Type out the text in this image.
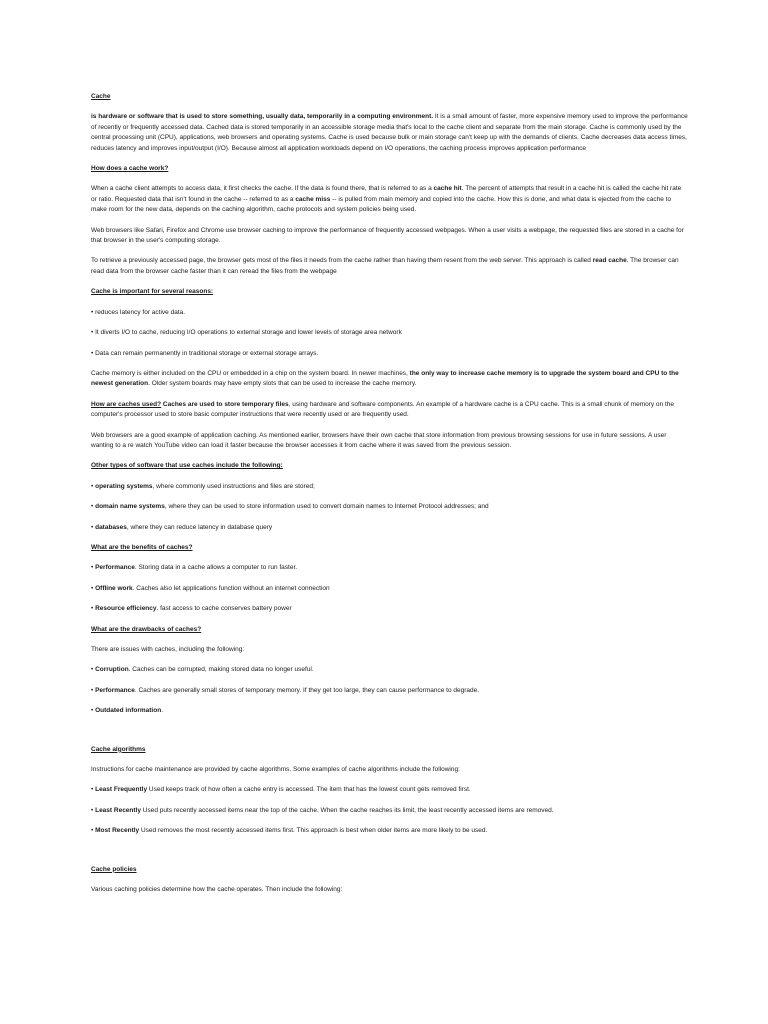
Cache

is hardware or software that is used to store something, usually data, temporarily in a computing environment. It is a small amount of faster, more expensive memory used to improve the performance of recently or frequently accessed data. Cached data is stored temporarily in an accessible storage media that's local to the cache client and separate from the main storage. Cache is commonly used by the central processing unit (CPU), applications, web browsers and operating systems. Cache is used because bulk or main storage can't keep up with the demands of clients. Cache decreases data access times, reduces latency and improves input/output (I/O). Because almost all application workloads depend on I/O operations, the caching process improves application performance

How does a cache work?

When a cache client attempts to access data, it first checks the cache. If the data is found there, that is referred to as a cache hit. The percent of attempts that result in a cache hit is called the cache hit rate or ratio. Requested data that isn't found in the cache -- referred to as a cache miss -- is pulled from main memory and copied into the cache. How this is done, and what data is ejected from the cache to make room for the new data, depends on the caching algorithm, cache protocols and system policies being used.

Web browsers like Safari, Firefox and Chrome use browser caching to improve the performance of frequently accessed webpages. When a user visits a webpage, the requested files are stored in a cache for that browser in the user's computing storage.

To retrieve a previously accessed page, the browser gets most of the files it needs from the cache rather than having them resent from the web server. This approach is called read cache. The browser can read data from the browser cache faster than it can reread the files from the webpage

Cache is important for several reasons:

• reduces latency for active data.

• It diverts I/O to cache, reducing I/O operations to external storage and lower levels of storage area network

• Data can remain permanently in traditional storage or external storage arrays.

Cache memory is either included on the CPU or embedded in a chip on the system board. In newer machines, the only way to increase cache memory is to upgrade the system board and CPU to the newest generation. Older system boards may have empty slots that can be used to increase the cache memory.

How are caches used? Caches are used to store temporary files, using hardware and software components. An example of a hardware cache is a CPU cache. This is a small chunk of memory on the computer's processor used to store basic computer instructions that were recently used or are frequently used.

Web browsers are a good example of application caching. As mentioned earlier, browsers have their own cache that store information from previous browsing sessions for use in future sessions. A user wanting to a re watch YouTube video can load it faster because the browser accesses it from cache where it was saved from the previous session.

Other types of software that use caches include the following:

• operating systems, where commonly used instructions and files are stored;

• domain name systems, where they can be used to store information used to convert domain names to Internet Protocol addresses; and

• databases, where they can reduce latency in database query

What are the benefits of caches?

• Performance. Storing data in a cache allows a computer to run faster.

• Offline work. Caches also let applications function without an internet connection

• Resource efficiency. fast access to cache conserves battery power

What are the drawbacks of caches?

There are issues with caches, including the following:

• Corruption. Caches can be corrupted, making stored data no longer useful.

• Performance. Caches are generally small stores of temporary memory. If they get too large, they can cause performance to degrade.

• Outdated information.

Cache algorithms

Instructions for cache maintenance are provided by cache algorithms. Some examples of cache algorithms include the following:

• Least Frequently Used keeps track of how often a cache entry is accessed. The item that has the lowest count gets removed first.

• Least Recently Used puts recently accessed items near the top of the cache. When the cache reaches its limit, the least recently accessed items are removed.

• Most Recently Used removes the most recently accessed items first. This approach is best when older items are more likely to be used.

Cache policies

Various caching policies determine how the cache operates. Then include the following:
